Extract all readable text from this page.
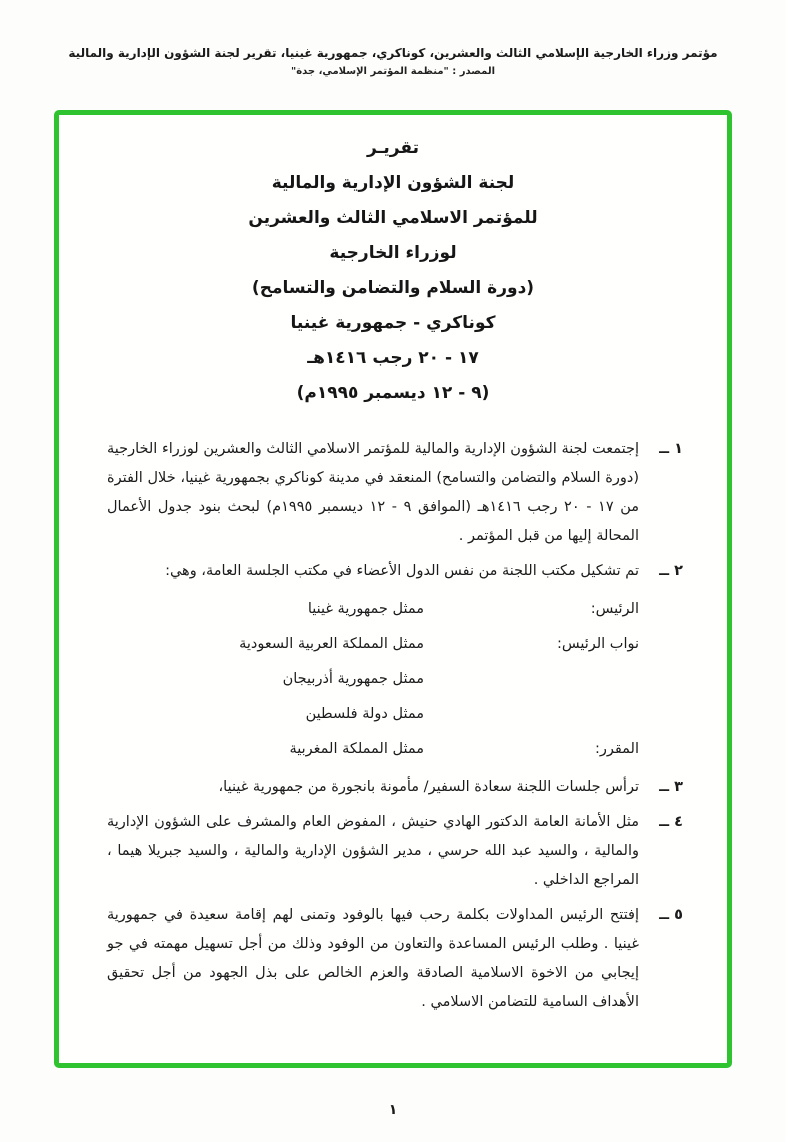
مؤتمر وزراء الخارجية الإسلامي الثالث والعشرين، كوناكري، جمهورية غينيا، تقرير لجنة الشؤون الإدارية والمالية
المصدر : "منظمة المؤتمر الإسلامي، جدة"
تقريـر
لجنة الشؤون الإدارية والمالية
للمؤتمر الاسلامي الثالث والعشرين
لوزراء الخارجية
(دورة السلام والتضامن والتسامح)
كوناكري - جمهورية غينيا
١٧ - ٢٠ رجب ١٤١٦هـ
(٩ - ١٢ ديسمبر ١٩٩٥م)
١ ــ
إجتمعت لجنة الشؤون الإدارية والمالية للمؤتمر الاسلامي الثالث والعشرين لوزراء الخارجية (دورة السلام والتضامن والتسامح) المنعقد في مدينة كوناكري بجمهورية غينيا، خلال الفترة من ١٧ - ٢٠ رجب ١٤١٦هـ (الموافق ٩ - ١٢ ديسمبر ١٩٩٥م) لبحث بنود جدول الأعمال المحالة إليها من قبل المؤتمر .
٢ ــ
تم تشكيل مكتب اللجنة من نفس الدول الأعضاء في مكتب الجلسة العامة، وهي:
الرئيس:
ممثل جمهورية غينيا
نواب الرئيس:
ممثل المملكة العربية السعودية
ممثل جمهورية أذربيجان
ممثل دولة فلسطين
المقرر:
ممثل المملكة المغربية
٣ ــ
ترأس جلسات اللجنة سعادة السفير/ مأمونة بانجورة من جمهورية غينيا،
٤ ــ
مثل الأمانة العامة الدكتور الهادي حنيش ، المفوض العام والمشرف على الشؤون الإدارية والمالية ، والسيد عبد الله حرسي ، مدير الشؤون الإدارية والمالية ، والسيد جبريلا هيما ، المراجع الداخلي .
٥ ــ
إفتتح الرئيس المداولات بكلمة رحب فيها بالوفود وتمنى لهم إقامة سعيدة في جمهورية غينيا . وطلب الرئيس المساعدة والتعاون من الوفود وذلك من أجل تسهيل مهمته في جو إيجابي من الاخوة الاسلامية الصادقة والعزم الخالص على بذل الجهود من أجل تحقيق الأهداف السامية للتضامن الاسلامي .
١
